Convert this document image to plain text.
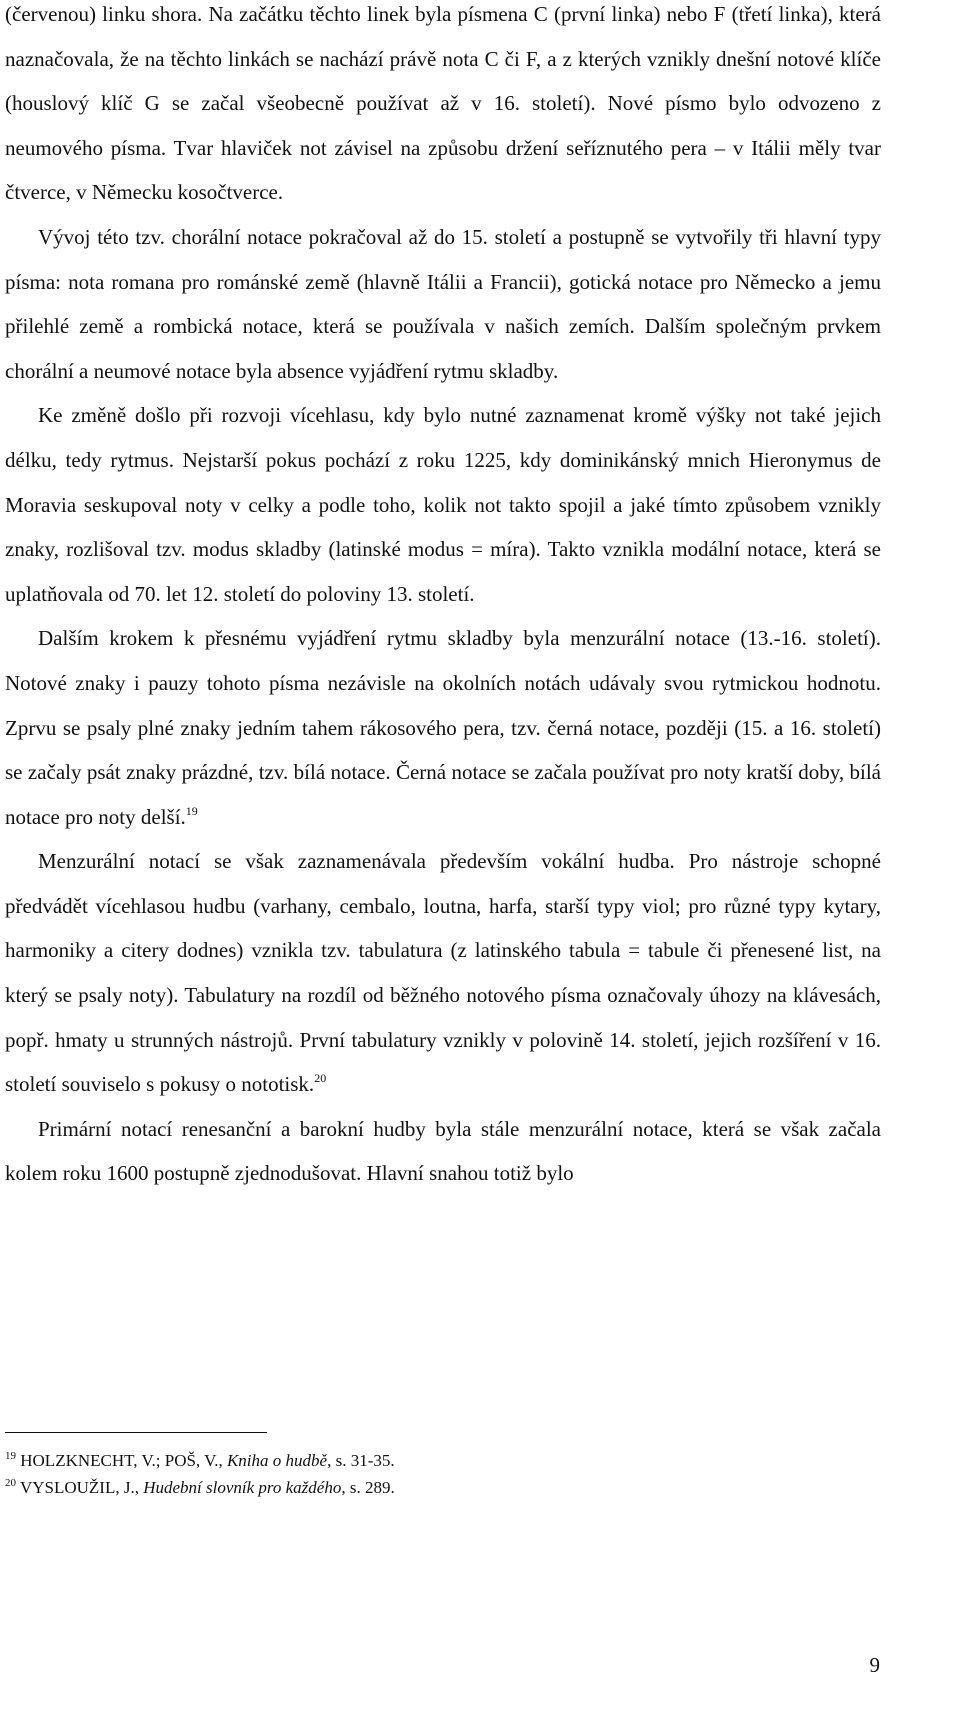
(červenou) linku shora. Na začátku těchto linek byla písmena C (první linka) nebo F (třetí linka), která naznačovala, že na těchto linkách se nachází právě nota C či F, a z kterých vznikly dnešní notové klíče (houslový klíč G se začal všeobecně používat až v 16. století). Nové písmo bylo odvozeno z neumového písma. Tvar hlaviček not závisel na způsobu držení seříznutého pera – v Itálii měly tvar čtverce, v Německu kosočtverce.

Vývoj této tzv. chorální notace pokračoval až do 15. století a postupně se vytvořily tři hlavní typy písma: nota romana pro románské země (hlavně Itálii a Francii), gotická notace pro Německo a jemu přilehlé země a rombická notace, která se používala v našich zemích. Dalším společným prvkem chorální a neumové notace byla absence vyjádření rytmu skladby.

Ke změně došlo při rozvoji vícehlasu, kdy bylo nutné zaznamenat kromě výšky not také jejich délku, tedy rytmus. Nejstarší pokus pochází z roku 1225, kdy dominikánský mnich Hieronymus de Moravia seskupoval noty v celky a podle toho, kolik not takto spojil a jaké tímto způsobem vznikly znaky, rozlišoval tzv. modus skladby (latinské modus = míra). Takto vznikla modální notace, která se uplatňovala od 70. let 12. století do poloviny 13. století.

Dalším krokem k přesnému vyjádření rytmu skladby byla menzurální notace (13.-16. století). Notové znaky i pauzy tohoto písma nezávisle na okolních notách udávaly svou rytmickou hodnotu. Zprvu se psaly plné znaky jedním tahem rákosového pera, tzv. černá notace, později (15. a 16. století) se začaly psát znaky prázdné, tzv. bílá notace. Černá notace se začala používat pro noty kratší doby, bílá notace pro noty delší.$^{19}$

Menzurální notací se však zaznamenávala především vokální hudba. Pro nástroje schopné předvádět vícehlasou hudbu (varhany, cembalo, loutna, harfa, starší typy viol; pro různé typy kytary, harmoniky a citery dodnes) vznikla tzv. tabulatura (z latinského tabula = tabule či přenesené list, na který se psaly noty). Tabulatury na rozdíl od běžného notového písma označovaly úhozy na klávesách, popř. hmaty u strunných nástrojů. První tabulatury vznikly v polovině 14. století, jejich rozšíření v 16. století souviselo s pokusy o nototisk.$^{20}$

Primární notací renesanční a barokní hudby byla stále menzurální notace, která se však začala kolem roku 1600 postupně zjednodušovat. Hlavní snahou totiž bylo

$^{19}$ HOLZKNECHT, V.; POŠ, V., Kniha o hudbě, s. 31-35.

$^{20}$ VYSLOUŽIL, J., Hudební slovník pro každého, s. 289.

9
